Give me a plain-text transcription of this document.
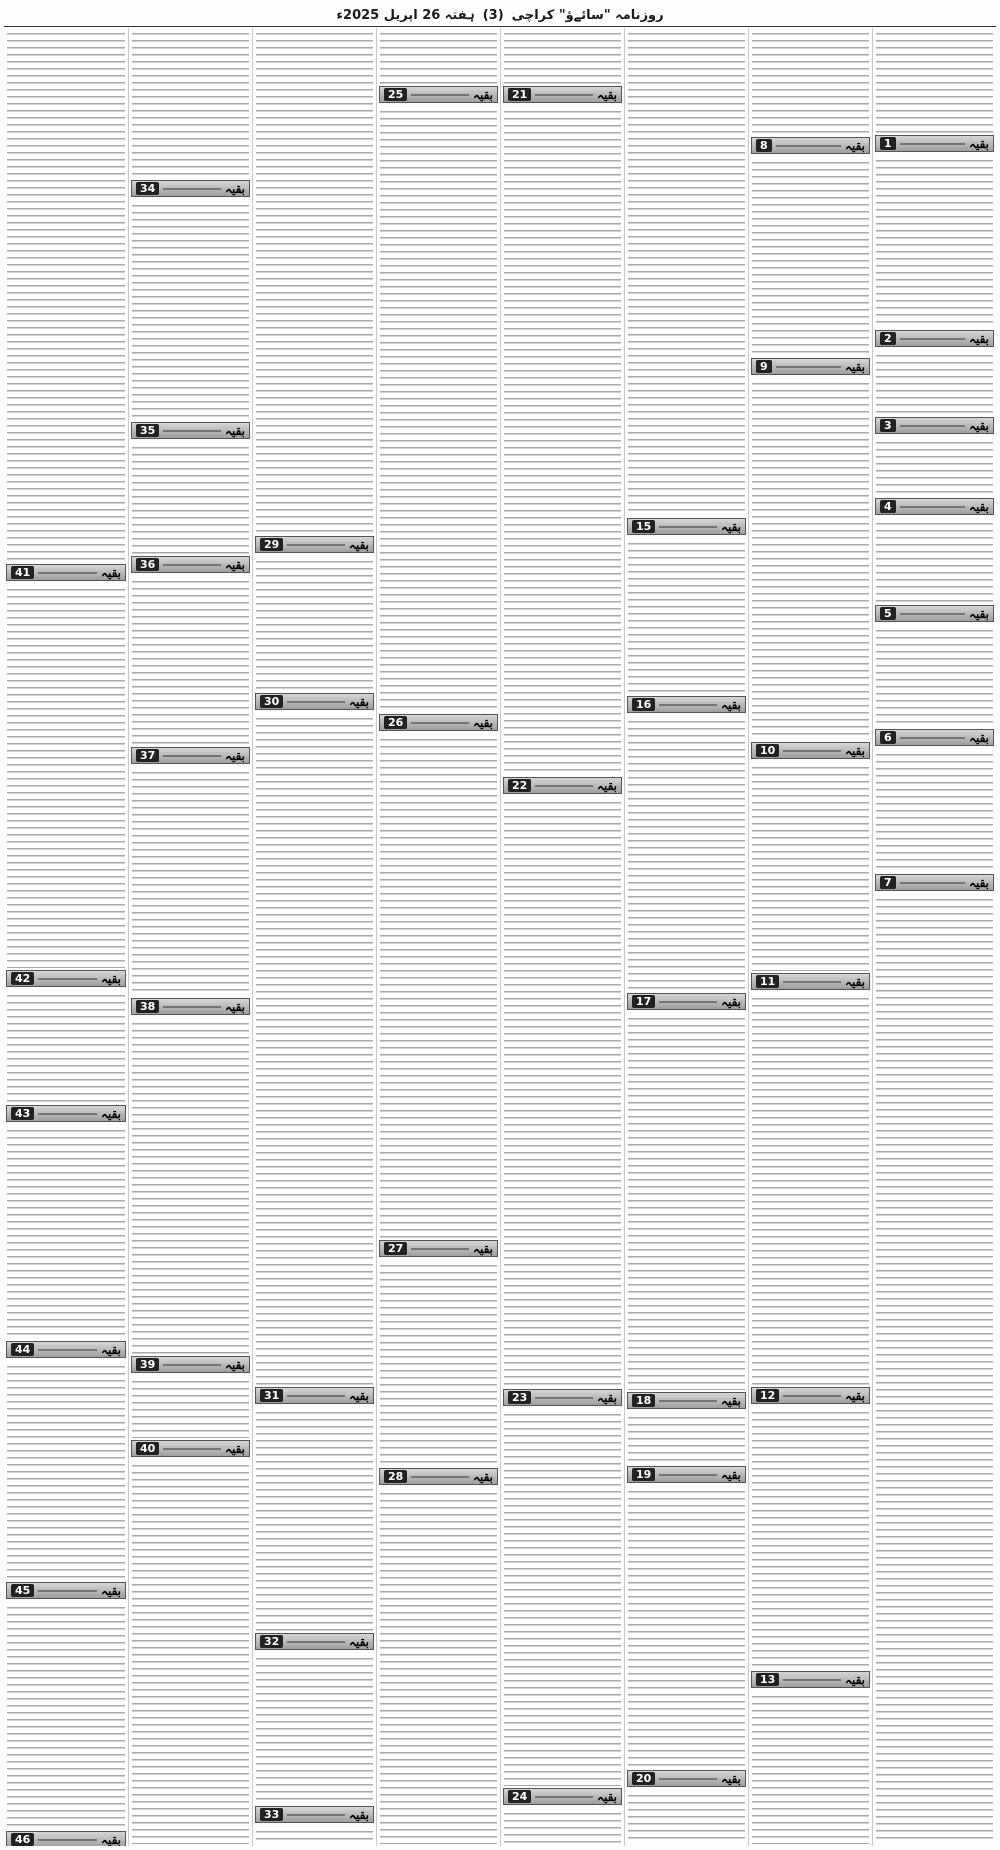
روزنامہ "سائےؤ" کراچی
(3)
ہفتہ 26 اپریل 2025ء
1	بقیہ
2	بقیہ
3	بقیہ
4	بقیہ
5	بقیہ
6	بقیہ
7	بقیہ
8	بقیہ
9	بقیہ
10	بقیہ
11	بقیہ
12	بقیہ
13	بقیہ
15	بقیہ
16	بقیہ
17	بقیہ
18	بقیہ
19	بقیہ
20	بقیہ
21	بقیہ
22	بقیہ
23	بقیہ
24	بقیہ
25	بقیہ
26	بقیہ
27	بقیہ
28	بقیہ
29	بقیہ
30	بقیہ
31	بقیہ
32	بقیہ
33	بقیہ
34	بقیہ
35	بقیہ
36	بقیہ
37	بقیہ
38	بقیہ
39	بقیہ
40	بقیہ
41	بقیہ
42	بقیہ
43	بقیہ
44	بقیہ
45	بقیہ
46	بقیہ
